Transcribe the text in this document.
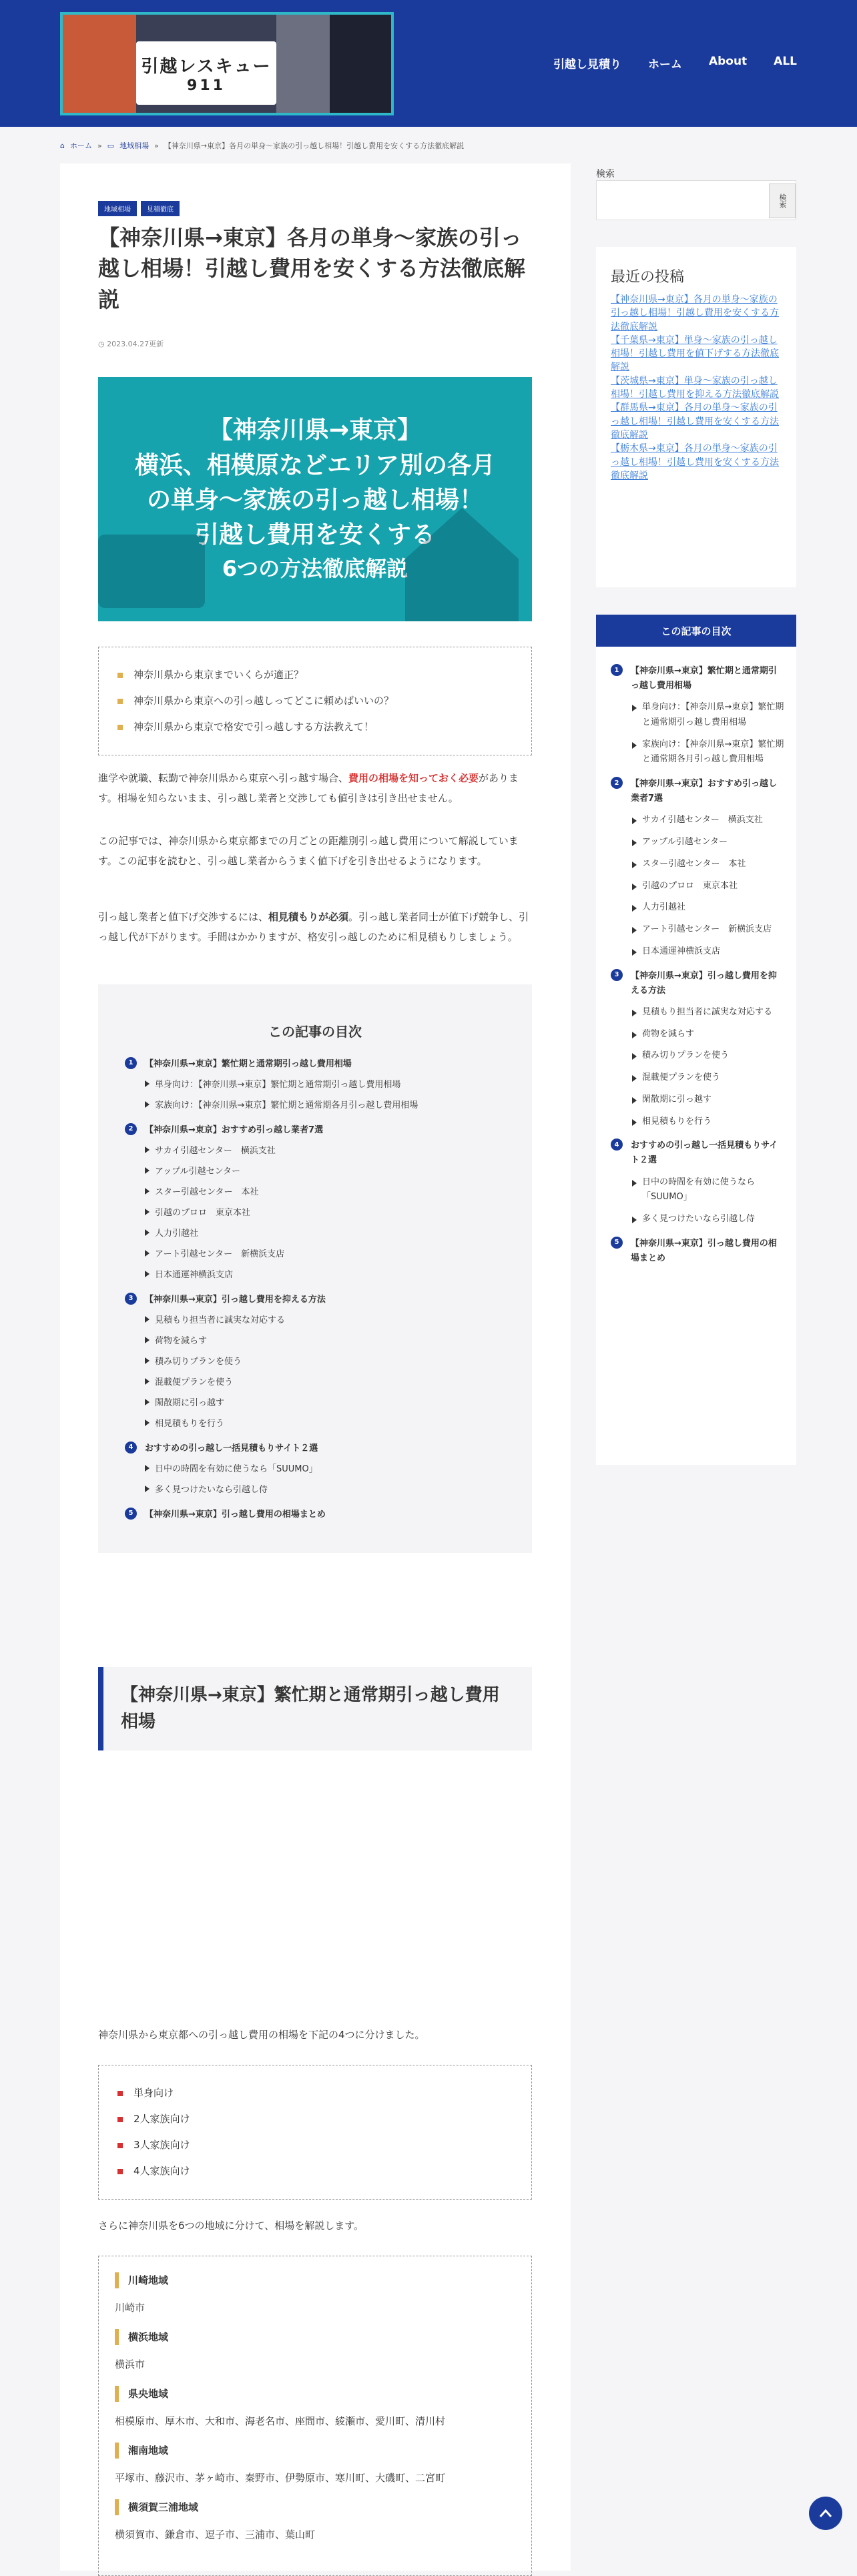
引越レスキュー
911
引越し見積り ホーム About ALL
⌂ ホーム » ▭ 地域相場 » 【神奈川県→東京】各月の単身〜家族の引っ越し相場！引越し費用を安くする方法徹底解説
地域相場 見積徹底
【神奈川県→東京】各月の単身〜家族の引っ越し相場！引越し費用を安くする方法徹底解説
◷ 2023.04.27更新
【神奈川県→東京】
横浜、相模原などエリア別の各月
の単身〜家族の引っ越し相場！
引越し費用を安くする
6つの方法徹底解説
神奈川県から東京までいくらが適正？
神奈川県から東京への引っ越しってどこに頼めばいいの？
神奈川県から東京で格安で引っ越しする方法教えて！

進学や就職、転勤で神奈川県から東京へ引っ越す場合、費用の相場を知っておく必要があります。相場を知らないまま、引っ越し業者と交渉しても値引きは引き出せません。

この記事では、神奈川県から東京都までの月ごとの距離別引っ越し費用について解説しています。この記事を読むと、引っ越し業者からうまく値下げを引き出せるようになります。

引っ越し業者と値下げ交渉するには、相見積もりが必須。引っ越し業者同士が値下げ競争し、引っ越し代が下がります。手間はかかりますが、格安引っ越しのために相見積もりしましょう。

この記事の目次
1	【神奈川県→東京】繁忙期と通常期引っ越し費用相場
単身向け：【神奈川県→東京】繁忙期と通常期引っ越し費用相場
家族向け：【神奈川県→東京】繁忙期と通常期各月引っ越し費用相場
2	【神奈川県→東京】おすすめ引っ越し業者7選
サカイ引越センター　横浜支社
アップル引越センター
スター引越センター　本社
引越のプロロ　東京本社
人力引越社
アート引越センター　新横浜支店
日本通運神横浜支店
3	【神奈川県→東京】引っ越し費用を抑える方法
見積もり担当者に誠実な対応する
荷物を減らす
積み切りプランを使う
混載便プランを使う
閑散期に引っ越す
相見積もりを行う
4	おすすめの引っ越し一括見積もりサイト２選
日中の時間を有効に使うなら「SUUMO」
多く見つけたいなら引越し侍
5	【神奈川県→東京】引っ越し費用の相場まとめ
【神奈川県→東京】繁忙期と通常期引っ越し費用相場

神奈川県から東京都への引っ越し費用の相場を下記の4つに分けました。

単身向け
2人家族向け
3人家族向け
4人家族向け

さらに神奈川県を6つの地域に分けて、相場を解説します。

川崎地域
川崎市
横浜地域
横浜市
県央地域
相模原市、厚木市、大和市、海老名市、座間市、綾瀬市、愛川町、清川村
湘南地域
平塚市、藤沢市、茅ヶ崎市、秦野市、伊勢原市、寒川町、大磯町、二宮町
横須賀三浦地域
横須賀市、鎌倉市、逗子市、三浦市、葉山町
検索
検索
最近の投稿
【神奈川県→東京】各月の単身〜家族の引っ越し相場！引越し費用を安くする方法徹底解説
【千葉県→東京】単身〜家族の引っ越し相場！引越し費用を値下げする方法徹底解説
【茨城県→東京】単身〜家族の引っ越し相場！引越し費用を抑える方法徹底解説
【群馬県→東京】各月の単身〜家族の引っ越し相場！引越し費用を安くする方法徹底解説
【栃木県→東京】各月の単身〜家族の引っ越し相場！引越し費用を安くする方法徹底解説
この記事の目次
1	【神奈川県→東京】繁忙期と通常期引っ越し費用相場
単身向け：【神奈川県→東京】繁忙期と通常期引っ越し費用相場
家族向け：【神奈川県→東京】繁忙期と通常期各月引っ越し費用相場
2	【神奈川県→東京】おすすめ引っ越し業者7選
サカイ引越センター　横浜支社
アップル引越センター
スター引越センター　本社
引越のプロロ　東京本社
人力引越社
アート引越センター　新横浜支店
日本通運神横浜支店
3	【神奈川県→東京】引っ越し費用を抑える方法
見積もり担当者に誠実な対応する
荷物を減らす
積み切りプランを使う
混載便プランを使う
閑散期に引っ越す
相見積もりを行う
4	おすすめの引っ越し一括見積もりサイト２選
日中の時間を有効に使うなら「SUUMO」
多く見つけたいなら引越し侍
5	【神奈川県→東京】引っ越し費用の相場まとめ
